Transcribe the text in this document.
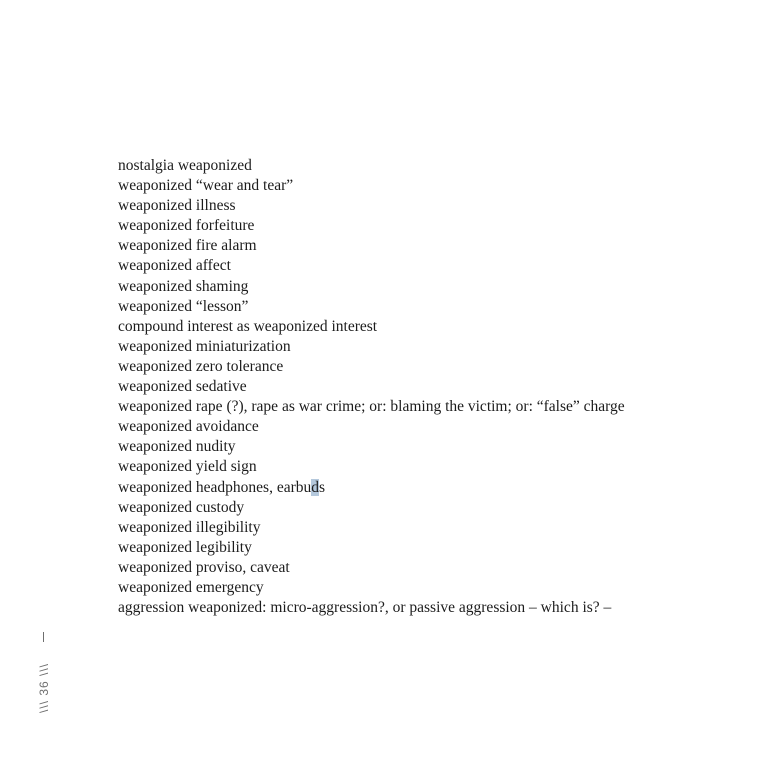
nostalgia weaponized
weaponized “wear and tear”
weaponized illness
weaponized forfeiture
weaponized fire alarm
weaponized affect
weaponized shaming
weaponized “lesson”
compound interest as weaponized interest
weaponized miniaturization
weaponized zero tolerance
weaponized sedative
weaponized rape (?), rape as war crime; or: blaming the victim; or: “false” charge
weaponized avoidance
weaponized nudity
weaponized yield sign
weaponized headphones, earbuds
weaponized custody
weaponized illegibility
weaponized legibility
weaponized proviso, caveat
weaponized emergency
aggression weaponized: micro-aggression?, or passive aggression – which is? –
\\\ 36 \\\
